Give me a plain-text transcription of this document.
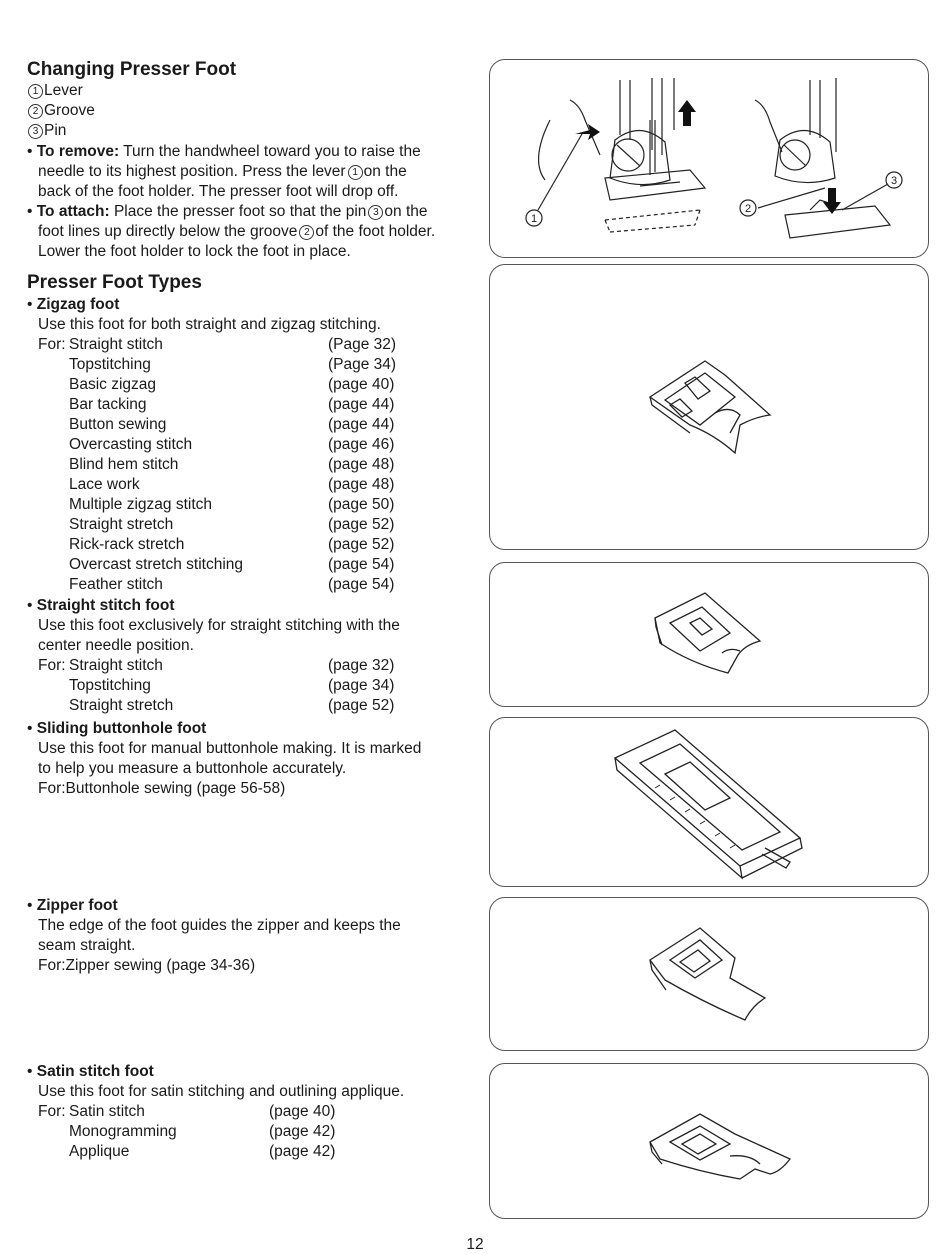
Changing Presser Foot
1 Lever
2 Groove
3 Pin
• To remove: Turn the handwheel toward you to raise the
needle to its highest position. Press the lever 1 on the
back of the foot holder. The presser foot will drop off.
• To attach: Place the presser foot so that the pin 3 on the
foot lines up directly below the groove 2 of the foot holder.
Lower the foot holder to lock the foot in place.
Presser Foot Types
• Zigzag foot
Use this foot for both straight and zigzag stitching.
For: Straight stitch	(Page 32)
Topstitching	(Page 34)
Basic zigzag	(page 40)
Bar tacking	(page 44)
Button sewing	(page 44)
Overcasting stitch	(page 46)
Blind hem stitch	(page 48)
Lace work	(page 48)
Multiple zigzag stitch	(page 50)
Straight stretch	(page 52)
Rick-rack stretch	(page 52)
Overcast stretch stitching	(page 54)
Feather stitch	(page 54)
• Straight stitch foot
Use this foot exclusively for straight stitching with the
center needle position.
For: Straight stitch	(page 32)
Topstitching	(page 34)
Straight stretch	(page 52)
• Sliding buttonhole foot
Use this foot for manual buttonhole making. It is marked
to help you measure a buttonhole accurately.
For:Buttonhole sewing (page 56-58)
• Zipper foot
The edge of the foot guides the zipper and keeps the
seam straight.
For:Zipper sewing (page 34-36)
• Satin stitch foot
Use this foot for satin stitching and outlining applique.
For: Satin stitch	(page 40)
Monogramming	(page 42)
Applique	(page 42)
12
1
2
3
